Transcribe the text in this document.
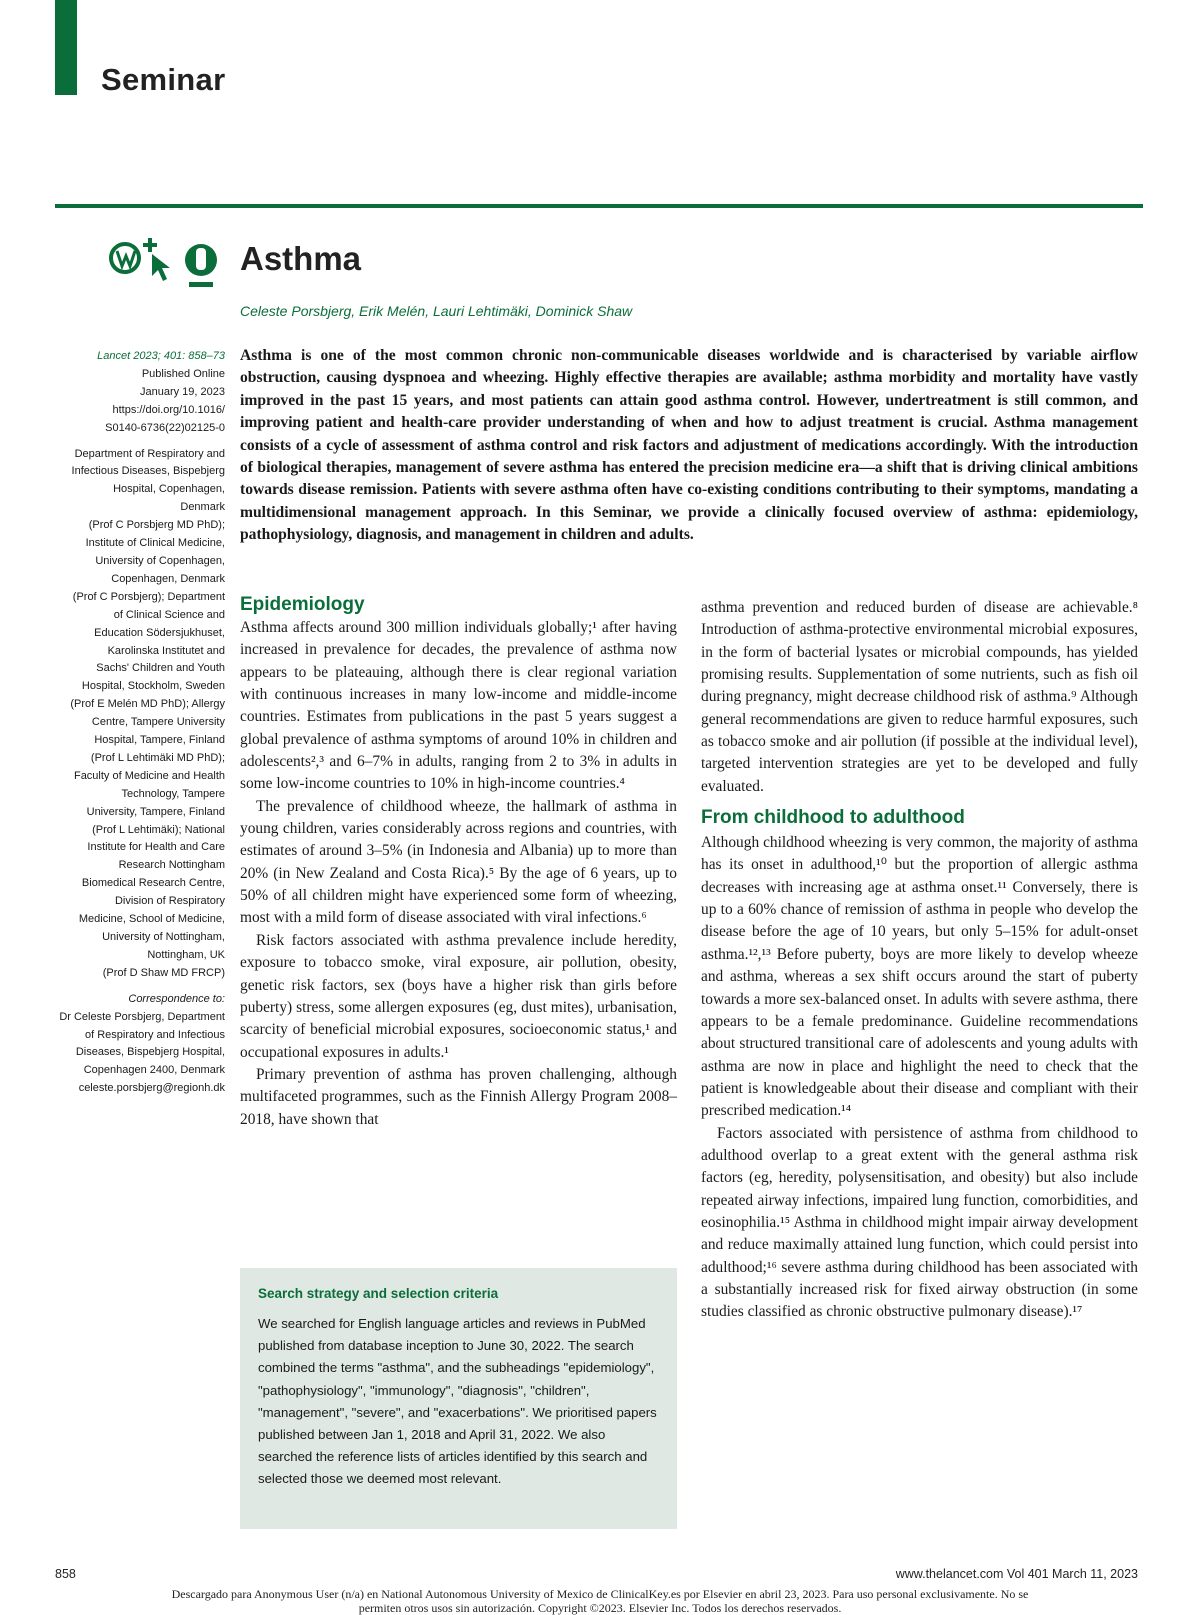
Seminar
Asthma
Celeste Porsbjerg, Erik Melén, Lauri Lehtimäki, Dominick Shaw
Lancet 2023; 401: 858–73
Published Online
January 19, 2023
https://doi.org/10.1016/
S0140-6736(22)02125-0
Department of Respiratory and
Infectious Diseases, Bispebjerg
Hospital, Copenhagen,
Denmark
(Prof C Porsbjerg MD PhD);
Institute of Clinical Medicine,
University of Copenhagen,
Copenhagen, Denmark
(Prof C Porsbjerg); Department
of Clinical Science and
Education Södersjukhuset,
Karolinska Institutet and
Sachs' Children and Youth
Hospital, Stockholm, Sweden
(Prof E Melén MD PhD); Allergy
Centre, Tampere University
Hospital, Tampere, Finland
(Prof L Lehtimäki MD PhD);
Faculty of Medicine and Health
Technology, Tampere
University, Tampere, Finland
(Prof L Lehtimäki); National
Institute for Health and Care
Research Nottingham
Biomedical Research Centre,
Division of Respiratory
Medicine, School of Medicine,
University of Nottingham,
Nottingham, UK
(Prof D Shaw MD FRCP)
Correspondence to:
Dr Celeste Porsbjerg, Department
of Respiratory and Infectious
Diseases, Bispebjerg Hospital,
Copenhagen 2400, Denmark
celeste.porsbjerg@regionh.dk
Asthma is one of the most common chronic non-communicable diseases worldwide and is characterised by variable airflow obstruction, causing dyspnoea and wheezing. Highly effective therapies are available; asthma morbidity and mortality have vastly improved in the past 15 years, and most patients can attain good asthma control. However, undertreatment is still common, and improving patient and health-care provider understanding of when and how to adjust treatment is crucial. Asthma management consists of a cycle of assessment of asthma control and risk factors and adjustment of medications accordingly. With the introduction of biological therapies, management of severe asthma has entered the precision medicine era—a shift that is driving clinical ambitions towards disease remission. Patients with severe asthma often have co-existing conditions contributing to their symptoms, mandating a multidimensional management approach. In this Seminar, we provide a clinically focused overview of asthma: epidemiology, pathophysiology, diagnosis, and management in children and adults.
Epidemiology

Asthma affects around 300 million individuals globally;¹ after having increased in prevalence for decades, the prevalence of asthma now appears to be plateauing, although there is clear regional variation with continuous increases in many low-income and middle-income countries. Estimates from publications in the past 5 years suggest a global prevalence of asthma symptoms of around 10% in children and adolescents²,³ and 6–7% in adults, ranging from 2 to 3% in adults in some low-income countries to 10% in high-income countries.⁴

The prevalence of childhood wheeze, the hallmark of asthma in young children, varies considerably across regions and countries, with estimates of around 3–5% (in Indonesia and Albania) up to more than 20% (in New Zealand and Costa Rica).⁵ By the age of 6 years, up to 50% of all children might have experienced some form of wheezing, most with a mild form of disease associated with viral infections.⁶

Risk factors associated with asthma prevalence include heredity, exposure to tobacco smoke, viral exposure, air pollution, obesity, genetic risk factors, sex (boys have a higher risk than girls before puberty) stress, some allergen exposures (eg, dust mites), urbanisation, scarcity of beneficial microbial exposures, socioeconomic status,¹ and occupational exposures in adults.¹

Primary prevention of asthma has proven challenging, although multifaceted programmes, such as the Finnish Allergy Program 2008–2018, have shown that

Search strategy and selection criteria
We searched for English language articles and reviews in PubMed published from database inception to June 30, 2022. The search combined the terms "asthma", and the subheadings "epidemiology", "pathophysiology", "immunology", "diagnosis", "children", "management", "severe", and "exacerbations". We prioritised papers published between Jan 1, 2018 and April 31, 2022. We also searched the reference lists of articles identified by this search and selected those we deemed most relevant.

asthma prevention and reduced burden of disease are achievable.⁸ Introduction of asthma-protective environmental microbial exposures, in the form of bacterial lysates or microbial compounds, has yielded promising results. Supplementation of some nutrients, such as fish oil during pregnancy, might decrease childhood risk of asthma.⁹ Although general recommendations are given to reduce harmful exposures, such as tobacco smoke and air pollution (if possible at the individual level), targeted intervention strategies are yet to be developed and fully evaluated.

From childhood to adulthood

Although childhood wheezing is very common, the majority of asthma has its onset in adulthood,¹⁰ but the proportion of allergic asthma decreases with increasing age at asthma onset.¹¹ Conversely, there is up to a 60% chance of remission of asthma in people who develop the disease before the age of 10 years, but only 5–15% for adult-onset asthma.¹²,¹³ Before puberty, boys are more likely to develop wheeze and asthma, whereas a sex shift occurs around the start of puberty towards a more sex-balanced onset. In adults with severe asthma, there appears to be a female predominance. Guideline recommendations about structured transitional care of adolescents and young adults with asthma are now in place and highlight the need to check that the patient is knowledgeable about their disease and compliant with their prescribed medication.¹⁴

Factors associated with persistence of asthma from childhood to adulthood overlap to a great extent with the general asthma risk factors (eg, heredity, polysensitisation, and obesity) but also include repeated airway infections, impaired lung function, comorbidities, and eosinophilia.¹⁵ Asthma in childhood might impair airway development and reduce maximally attained lung function, which could persist into adulthood;¹⁶ severe asthma during childhood has been associated with a substantially increased risk for fixed airway obstruction (in some studies classified as chronic obstructive pulmonary disease).¹⁷

858	www.thelancet.com Vol 401 March 11, 2023
Descargado para Anonymous User (n/a) en National Autonomous University of Mexico de ClinicalKey.es por Elsevier en abril 23, 2023. Para uso personal exclusivamente. No se permiten otros usos sin autorización. Copyright ©2023. Elsevier Inc. Todos los derechos reservados.
